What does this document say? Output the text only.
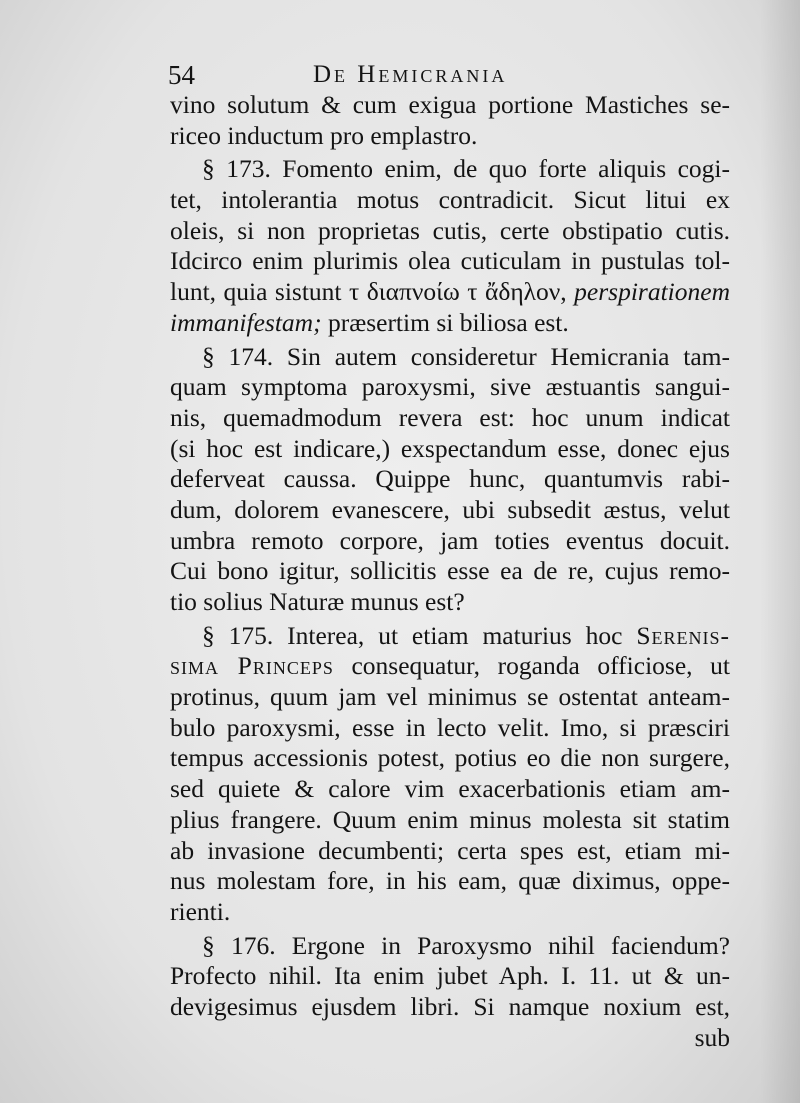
54	De Hemicrania
vino solutum & cum exigua portione Mastiches se-
riceo inductum pro emplastro.
§ 173. Fomento enim, de quo forte aliquis cogi-
tet, intolerantia motus contradicit. Sicut litui ex
oleis, si non proprietas cutis, certe obstipatio cutis.
Idcirco enim plurimis olea cuticulam in pustulas tol-
lunt, quia sistunt τ διαπνοίω τ ἄδηλον, perspirationem
immanifestam; præsertim si biliosa est.
§ 174. Sin autem consideretur Hemicrania tam-
quam symptoma paroxysmi, sive æstuantis sangui-
nis, quemadmodum revera est: hoc unum indicat
(si hoc est indicare,) exspectandum esse, donec ejus
deferveat caussa. Quippe hunc, quantumvis rabi-
dum, dolorem evanescere, ubi subsedit æstus, velut
umbra remoto corpore, jam toties eventus docuit.
Cui bono igitur, sollicitis esse ea de re, cujus remo-
tio solius Naturæ munus est?
§ 175. Interea, ut etiam maturius hoc Serenis-
sima Princeps consequatur, roganda officiose, ut
protinus, quum jam vel minimus se ostentat anteam-
bulo paroxysmi, esse in lecto velit. Imo, si præsciri
tempus accessionis potest, potius eo die non surgere,
sed quiete & calore vim exacerbationis etiam am-
plius frangere. Quum enim minus molesta sit statim
ab invasione decumbenti; certa spes est, etiam mi-
nus molestam fore, in his eam, quæ diximus, oppe-
rienti.
§ 176. Ergone in Paroxysmo nihil faciendum?
Profecto nihil. Ita enim jubet Aph. I. 11. ut & un-
devigesimus ejusdem libri. Si namque noxium est,
sub
